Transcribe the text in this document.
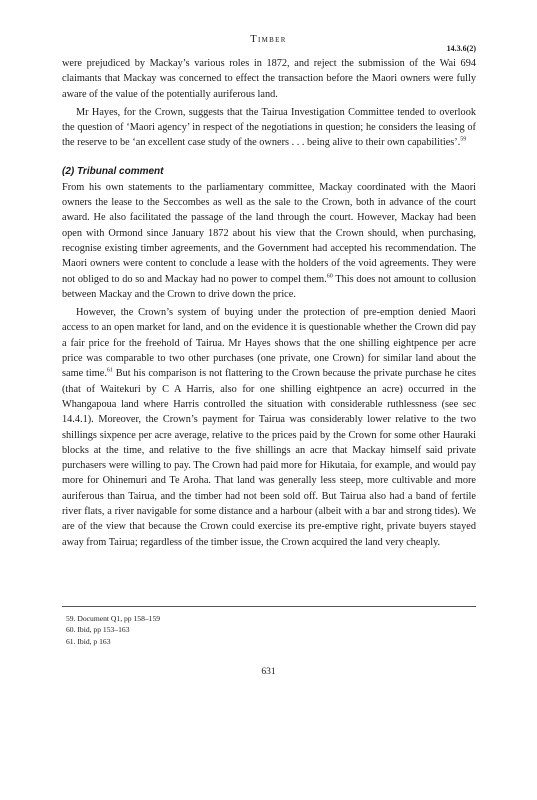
Timber
14.3.6(2)

were prejudiced by Mackay’s various roles in 1872, and reject the submission of the Wai 694 claimants that Mackay was concerned to effect the transaction before the Maori owners were fully aware of the value of the potentially auriferous land.

Mr Hayes, for the Crown, suggests that the Tairua Investigation Committee tended to overlook the question of ‘Maori agency’ in respect of the negotiations in question; he considers the leasing of the reserve to be ‘an excellent case study of the owners . . . being alive to their own capabilities’.$^{59}$

(2) Tribunal comment

From his own statements to the parliamentary committee, Mackay coordinated with the Maori owners the lease to the Seccombes as well as the sale to the Crown, both in advance of the court award. He also facilitated the passage of the land through the court. However, Mackay had been open with Ormond since January 1872 about his view that the Crown should, when purchasing, recognise existing timber agreements, and the Government had accepted his recommendation. The Maori owners were content to conclude a lease with the holders of the void agreements. They were not obliged to do so and Mackay had no power to compel them.$^{60}$ This does not amount to collusion between Mackay and the Crown to drive down the price.

However, the Crown’s system of buying under the protection of pre-emption denied Maori access to an open market for land, and on the evidence it is questionable whether the Crown did pay a fair price for the freehold of Tairua. Mr Hayes shows that the one shilling eightpence per acre price was comparable to two other purchases (one private, one Crown) for similar land about the same time.$^{61}$ But his comparison is not flattering to the Crown because the private purchase he cites (that of Waitekuri by C A Harris, also for one shilling eightpence an acre) occurred in the Whangapoua land where Harris controlled the situation with considerable ruthlessness (see sec 14.4.1). Moreover, the Crown’s payment for Tairua was considerably lower relative to the two shillings sixpence per acre average, relative to the prices paid by the Crown for some other Hauraki blocks at the time, and relative to the five shillings an acre that Mackay himself said private purchasers were willing to pay. The Crown had paid more for Hikutaia, for example, and would pay more for Ohinemuri and Te Aroha. That land was generally less steep, more cultivable and more auriferous than Tairua, and the timber had not been sold off. But Tairua also had a band of fertile river flats, a river navigable for some distance and a harbour (albeit with a bar and strong tides). We are of the view that because the Crown could exercise its pre-emptive right, private buyers stayed away from Tairua; regardless of the timber issue, the Crown acquired the land very cheaply.

59. Document Q1, pp 158–159
60. Ibid, pp 153–163
61. Ibid, p 163
631
